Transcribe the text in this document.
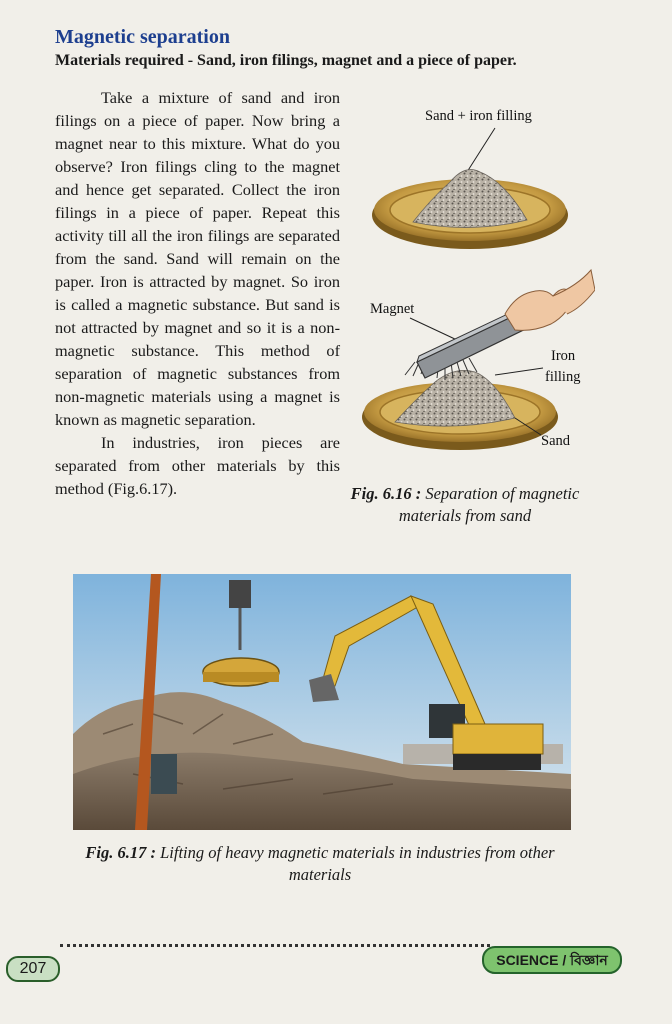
Magnetic separation
Materials required - Sand, iron filings, magnet and a piece of paper.

Take a mixture of sand and iron filings on a piece of paper. Now bring a magnet near to this mixture. What do you observe? Iron filings cling to the magnet and hence get separated. Collect the iron filings in a piece of paper. Repeat this activity till all the iron filings are separated from the sand. Sand will remain on the paper. Iron is attracted by magnet. So iron is called a magnetic substance. But sand is not attracted by magnet and so it is a non-magnetic substance. This method of separation of magnetic substances from non-magnetic materials using a magnet is known as magnetic separation.

In industries, iron pieces are separated from other materials by this method (Fig.6.17).

Sand + iron filling
Magnet
Iron
filling
Sand
Fig. 6.16 : Separation of magnetic materials from sand
Fig. 6.17 : Lifting of heavy magnetic materials in industries from other materials
207	SCIENCE / বিজ্ঞান
